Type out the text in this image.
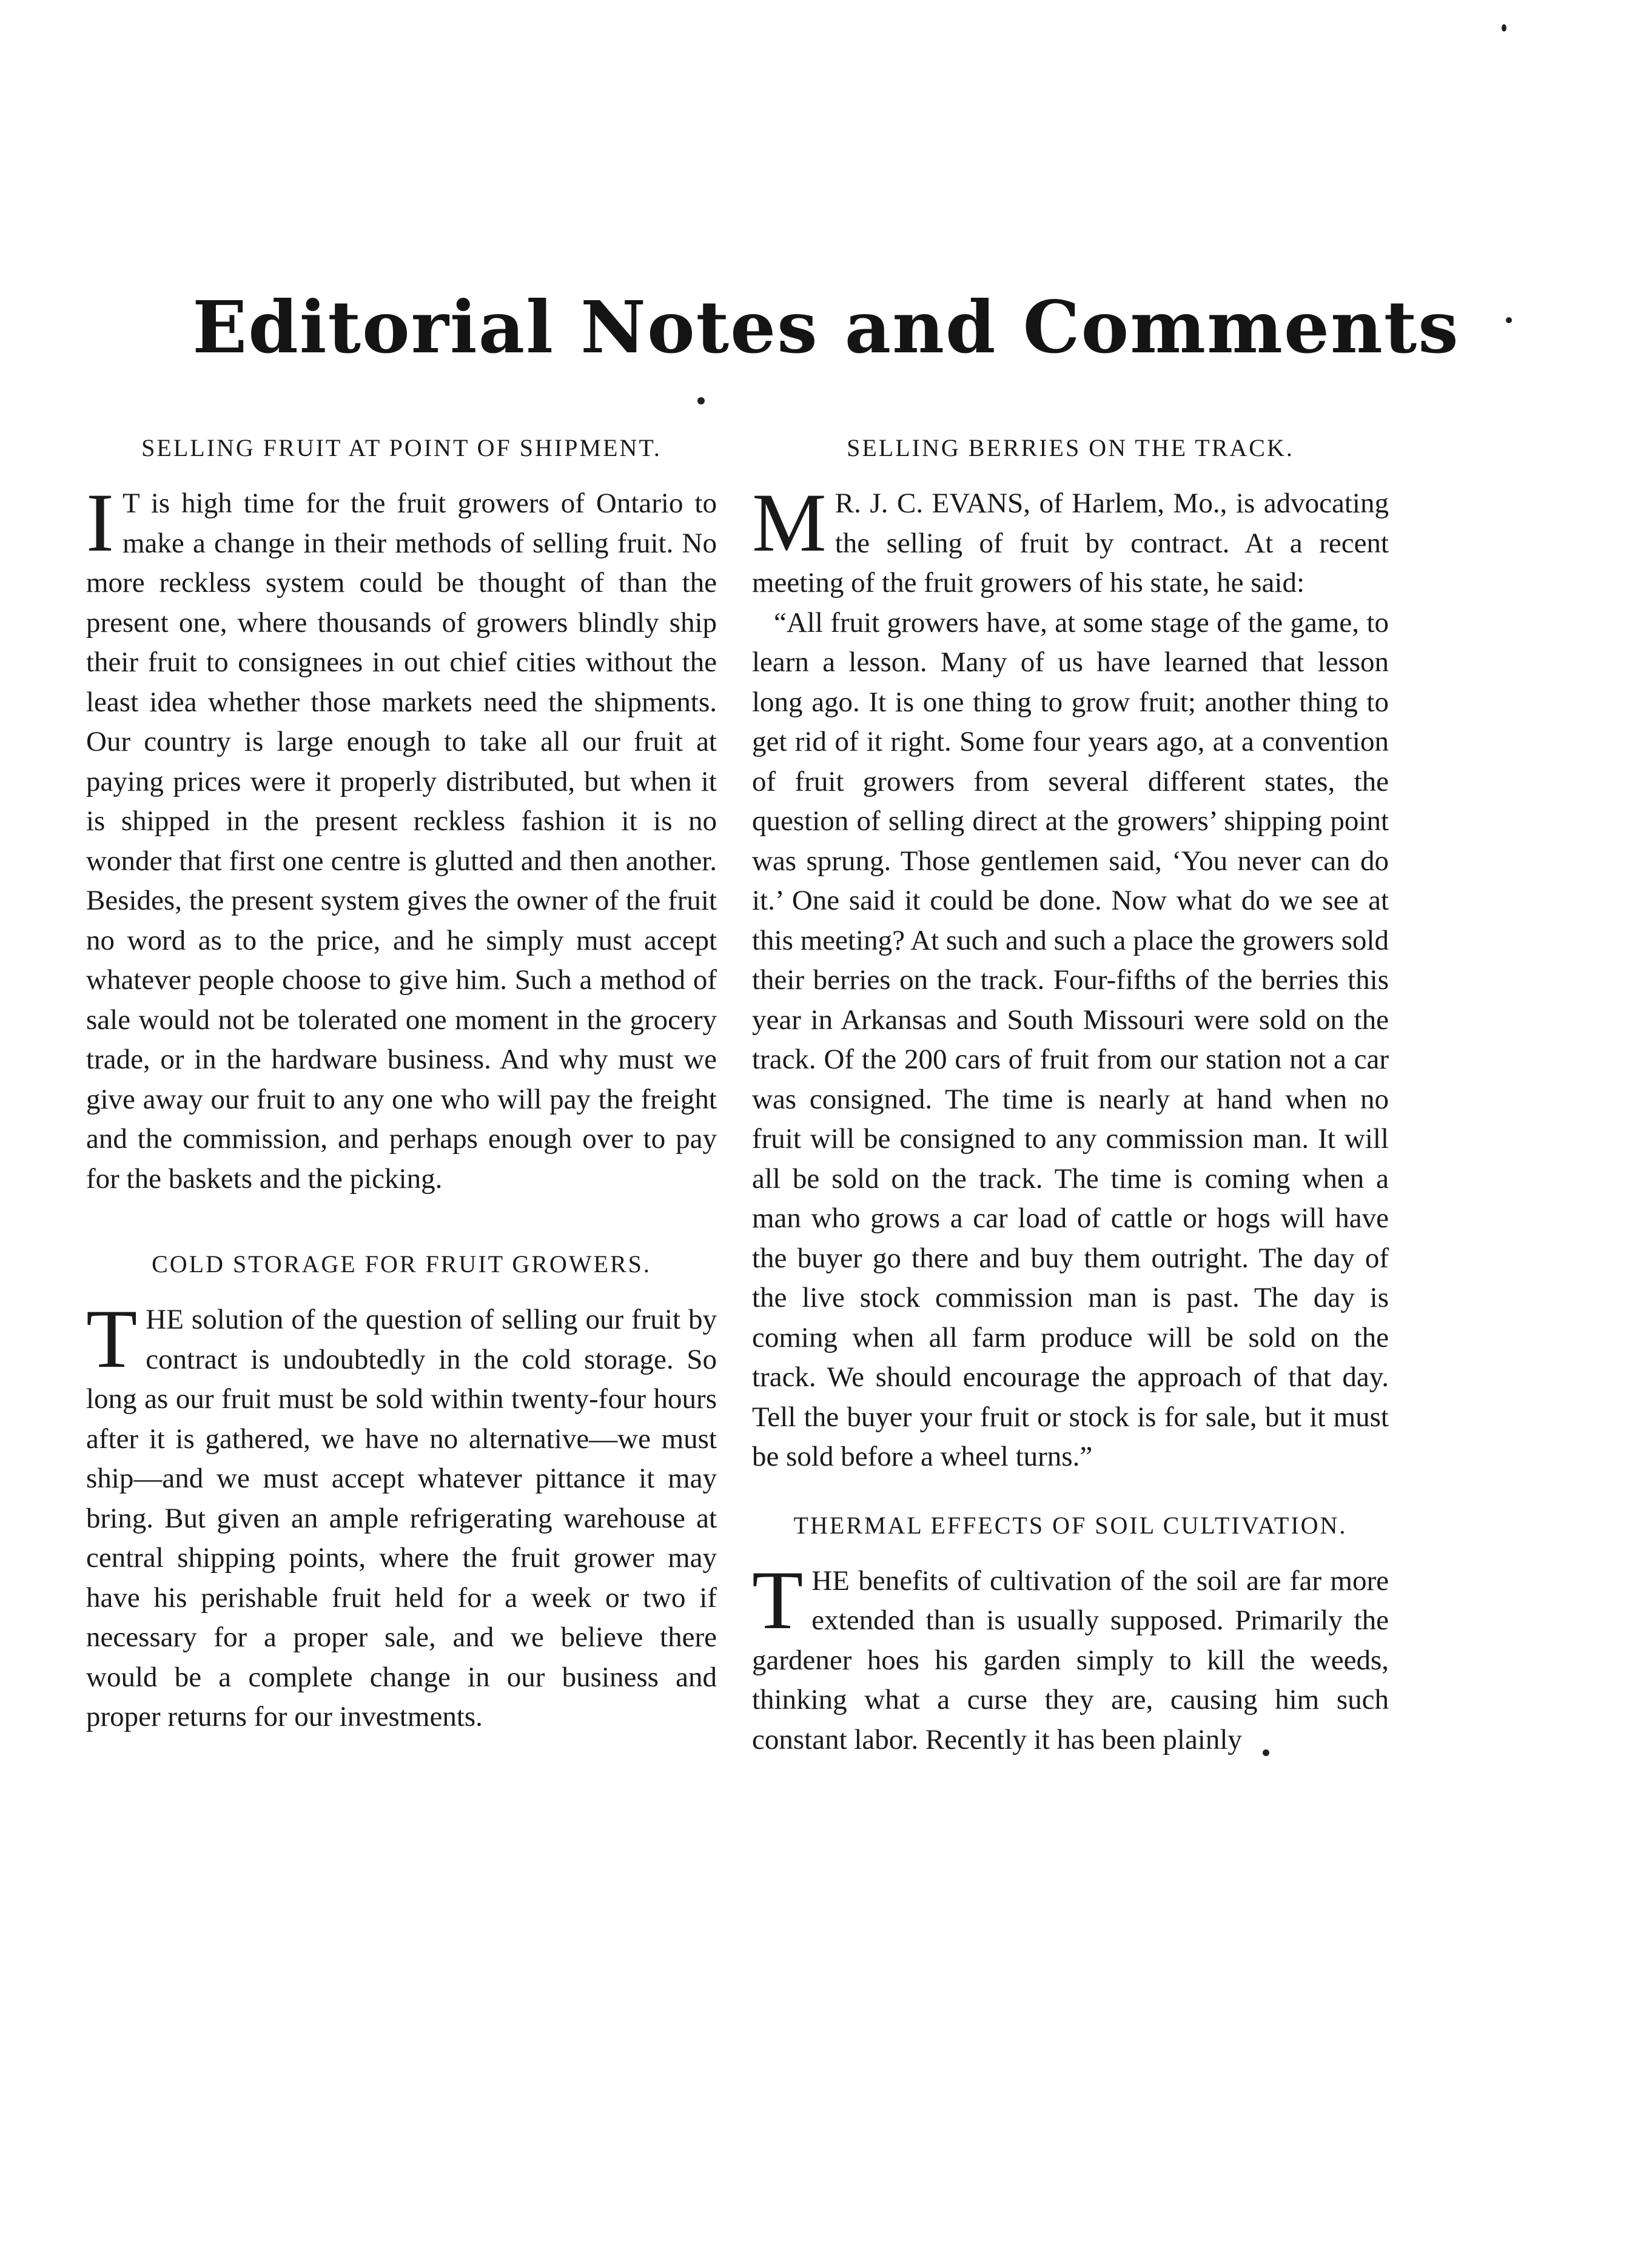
Editorial Notes and Comments
SELLING FRUIT AT POINT OF SHIPMENT.

I T is high time for the fruit growers of Ontario to make a change in their methods of selling fruit. No more reckless system could be thought of than the present one, where thousands of growers blindly ship their fruit to consignees in out chief cities without the least idea whether those markets need the shipments. Our country is large enough to take all our fruit at paying prices were it properly distributed, but when it is shipped in the present reckless fashion it is no wonder that first one centre is glutted and then another. Besides, the present system gives the owner of the fruit no word as to the price, and he simply must accept whatever people choose to give him. Such a method of sale would not be tolerated one moment in the grocery trade, or in the hardware business. And why must we give away our fruit to any one who will pay the freight and the commission, and perhaps enough over to pay for the baskets and the picking.

COLD STORAGE FOR FRUIT GROWERS.

THE solution of the question of selling our fruit by contract is undoubtedly in the cold storage. So long as our fruit must be sold within twenty-four hours after it is gathered, we have no alternative—we must ship—and we must accept whatever pittance it may bring. But given an ample refrigerating warehouse at central shipping points, where the fruit grower may have his perishable fruit held for a week or two if necessary for a proper sale, and we believe there would be a complete change in our business and proper returns for our investments.

SELLING BERRIES ON THE TRACK.

M R. J. C. EVANS, of Harlem, Mo., is advocating the selling of fruit by contract. At a recent meeting of the fruit growers of his state, he said:

“All fruit growers have, at some stage of the game, to learn a lesson. Many of us have learned that lesson long ago. It is one thing to grow fruit; another thing to get rid of it right. Some four years ago, at a convention of fruit growers from several different states, the question of selling direct at the growers’ shipping point was sprung. Those gentlemen said, ‘You never can do it.’ One said it could be done. Now what do we see at this meeting? At such and such a place the growers sold their berries on the track. Four-fifths of the berries this year in Arkansas and South Missouri were sold on the track. Of the 200 cars of fruit from our station not a car was consigned. The time is nearly at hand when no fruit will be consigned to any commission man. It will all be sold on the track. The time is coming when a man who grows a car load of cattle or hogs will have the buyer go there and buy them outright. The day of the live stock commission man is past. The day is coming when all farm produce will be sold on the track. We should encourage the approach of that day. Tell the buyer your fruit or stock is for sale, but it must be sold before a wheel turns.”

THERMAL EFFECTS OF SOIL CULTIVATION.

THE benefits of cultivation of the soil are far more extended than is usually supposed. Primarily the gardener hoes his garden simply to kill the weeds, thinking what a curse they are, causing him such constant labor. Recently it has been plainly
